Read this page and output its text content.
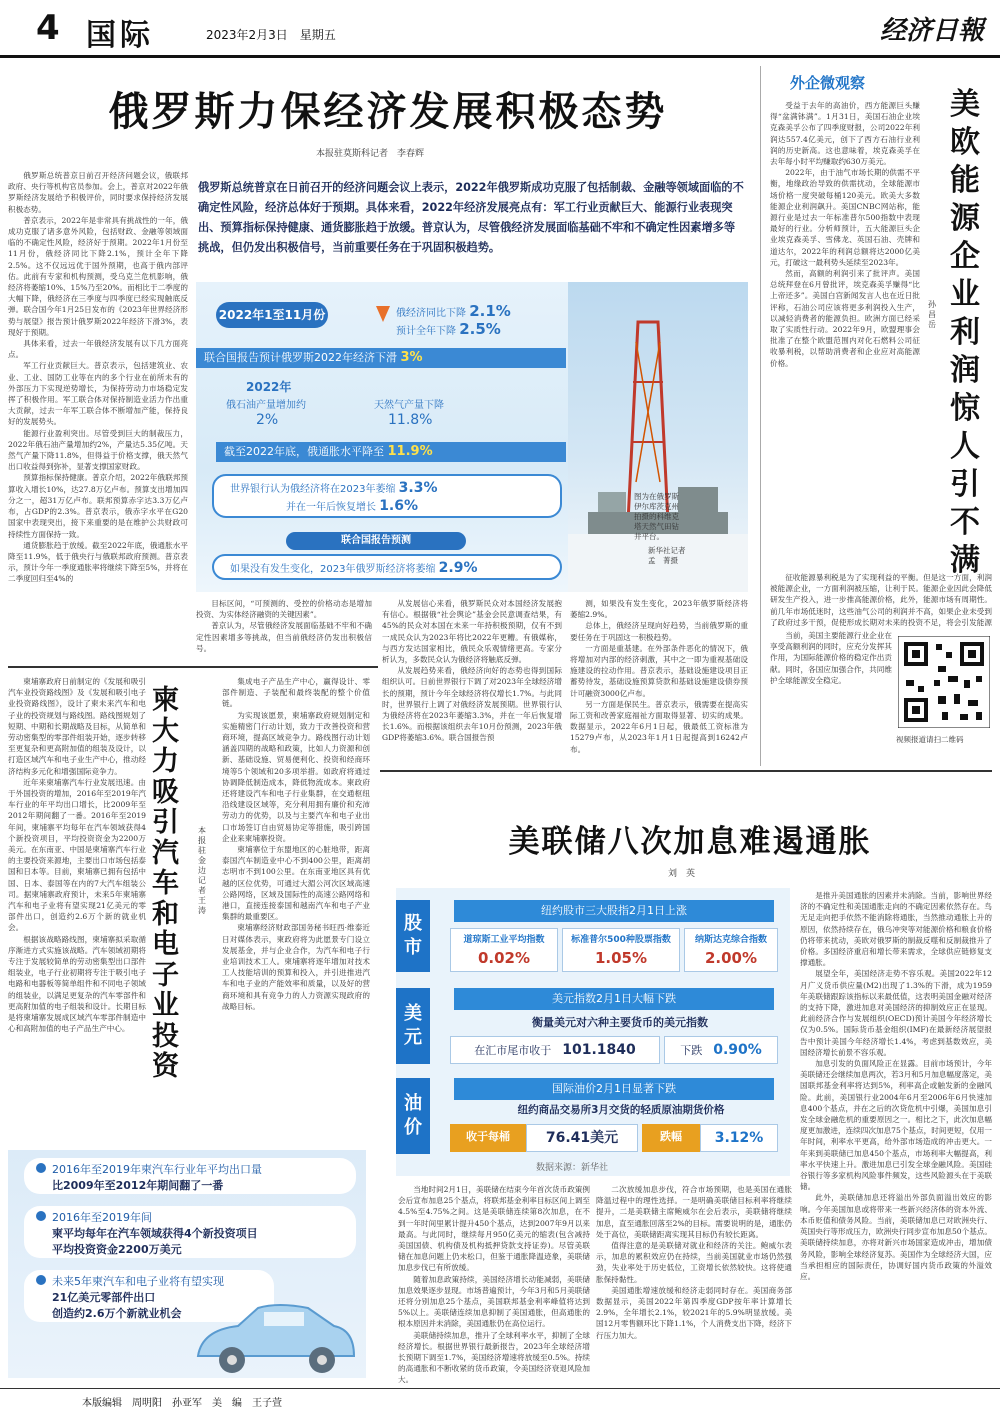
4 国际	2023年2月3日　星期五	经济日報
俄罗斯力保经济发展积极态势
本报驻莫斯科记者　李春辉
俄罗斯总统普京在日前召开的经济问题会议上表示，2022年俄罗斯成功克服了包括制裁、金融等领域面临的不确定性风险，经济总体好于预期。具体来看，2022年经济发展亮点有：军工行业贡献巨大、能源行业表现突出、预算指标保持健康、通货膨胀趋于放缓。普京认为，尽管俄经济发展面临基础不牢和不确定性因素增多等挑战，但仍发出积极信号，当前重要任务在于巩固积极趋势。

俄罗斯总统普京日前召开经济问题会议，俄联邦政府、央行等机构官员参加。会上，普京对2022年俄罗斯经济发展给予积极评价，同时要求保持经济发展积极态势。

普京表示，2022年是非常具有挑战性的一年，俄成功克服了诸多意外风险，包括财政、金融等领域面临的不确定性风险，经济好于预期。2022年1月份至11月份，俄经济同比下降2.1%，预计全年下降2.5%。这不仅远远优于国外预期，也高于俄内部评估。此前有专家和机构预测，受乌克兰危机影响，俄经济将萎缩10%、15%乃至20%。而相比于二季度的大幅下降，俄经济在三季度与四季度已经实现触底反弹。联合国今年1月25日发布的《2023年世界经济形势与展望》报告预计俄罗斯2022年经济下滑3%，表现好于预期。

具体来看，过去一年俄经济发展有以下几方面亮点。

军工行业贡献巨大。普京表示，包括建筑业、农业、工业、国防工业等在内的多个行业在前所未有的外部压力下实现逆势增长，为保持劳动力市场稳定发挥了积极作用。军工联合体对保持制造业活力作出重大贡献，过去一年军工联合体不断增加产能，保持良好的发展势头。

能源行业盈利突出。尽管受到巨大的制裁压力，2022年俄石油产量增加约2%，产量达5.35亿吨。天然气产量下降11.8%，但得益于价格支撑，俄天然气出口收益得到弥补，显著支撑国家财政。

预算指标保持健康。普京介绍，2022年俄联邦预算收入增长10%，达27.8万亿卢布。预算支出增加四分之一，超31万亿卢布。联邦预算赤字达3.3万亿卢布，占GDP的2.3%。普京表示，俄赤字水平在G20国家中表现突出，接下来重要的是在维护公共财政可持续性方面保持一致。

通货膨胀趋于放缓。截至2022年底，俄通胀水平降至11.9%，低于俄央行与俄联邦政府预测。普京表示，预计今年一季度通胀率将继续下降至5%，并将在二季度回归至4%的

2022年1至11月份	俄经济同比下降 2.1%
预计全年下降 2.5%
联合国报告预计俄罗斯2022年经济下滑 3%
2022年
俄石油产量增加约
2%
天然气产量下降
11.8%
截至2022年底，俄通胀水平降至 11.9%
世界银行认为俄经济将在2023年萎缩 3.3%
并在一年后恢复增长 1.6%
联合国报告预测
如果没有发生变化，2023年俄罗斯经济将萎缩 2.9%
图为在俄罗斯伊尔库茨克州拍摄的科维克塔天然气田钻井平台。
新华社记者　孟　菁摄

目标区间，“可预测的、受控的价格动态是增加投资、为实体经济融资的关键因素”。

普京认为，尽管俄经济发展面临基础不牢和不确定性因素增多等挑战，但当前俄经济仍发出积极信号。

从发展信心来看，俄罗斯民众对本国经济发展抱有信心。根据俄“社会舆论”基金会民意调查结果，有45%的民众对本国在未来一年持积极预期，仅有不到一成民众认为2023年将比2022年更糟。有俄媒称，与西方发达国家相比，俄民众乐观情绪更高。专家分析认为，多数民众认为俄经济将触底反弹。

从发展趋势来看，俄经济向好的态势也得到国际组织认可。日前世界银行下调了对2023年全球经济增长的预期，预计今年全球经济将仅增长1.7%。与此同时，世界银行上调了对俄经济发展预期。世界银行认为俄经济将在2023年萎缩3.3%，并在一年后恢复增长1.6%。而根据该组织去年10月份预测，2023年俄GDP将萎缩3.6%。联合国报告预

测，如果没有发生变化，2023年俄罗斯经济将萎缩2.9%。

总体上，俄经济呈现向好趋势，当前俄罗斯的重要任务在于巩固这一积极趋势。

一方面是重基建。在外部条件恶化的情况下，俄将增加对内部的经济刺激，其中之一即为重视基础设施建设的拉动作用。普京表示，基础设施建设项目正蓄势待发，基础设施预算贷款和基础设施建设债券预计可融资3000亿卢布。

另一方面是保民生。普京表示，俄需要在提高实际工资和改善家庭福祉方面取得显著、切实的成果。数据显示，2022年6月1日起，俄最低工资标准为15279卢布，从2023年1月1日起提高到16242卢布。

外企微观察
美欧能源企业利润惊人引不满
孙昌岳

受益于去年的高油价，西方能源巨头赚得“盆满钵满”。1月31日，美国石油企业埃克森美孚公布了四季度财报，公司2022年利润达557.4亿美元，创下了西方石油行业利润的历史新高。这也意味着，埃克森美孚在去年每小时平均赚取约630万美元。

2022年，由于油气市场长期的供需不平衡，地缘政治导致的供需扰动，全球能源市场价格一度突破每桶120美元。欧美大多数能源企业利润飙升。美国CNBC网站称，能源行业是过去一年标准普尔500指数中表现最好的行业。分析师预计，五大能源巨头企业埃克森美孚、雪佛龙、英国石油、壳牌和道达尔，2022年的利润总额将达2000亿美元，打破这一最利势头延续至2023年。

然而，高额的利润引来了批评声。美国总统拜登在6月曾批评，埃克森美孚赚得“比上帝还多”。美国白宫新闻发言人也在近日批评称，石油公司应该将更多利润投入生产，以减轻消费者的能源负担。欧洲方面已经采取了实质性行动。2022年9月，欧盟理事会批准了在整个欧盟范围内对化石燃料公司征收暴利税，以帮助消费者和企业应对高能源价格。

征收能源暴利税是为了实现利益的平衡。但是这一方面，利润被能源企业，一方面利润被压缩，让利于民。能源企业因此会降低研发生产投入，进一步推高能源价格，此外，能源市场有周期性。前几年市场低迷时，这些油气公司的利润并不高，如果企业未受到了政府过多干预，促使形成长期对未来的投资不足，将会引发能源

当前，美国主要能源行业企业在享受高额利润的同时，应充分发挥其作用，为国际能源价格的稳定作出贡献。同时，各国应加强合作，共同维护全球能源安全稳定。

视频报道请扫二维码
柬大力吸引汽车和电子业投资
本报驻金边记者　王　涛

柬埔寨政府日前制定的《发展和吸引汽车业投资路线图》及《发展和吸引电子业投资路线图》，设计了柬未来汽车和电子业的投资规划与路线图。路线图规划了短期、中期和长期战略及目标，从简单和劳动密集型的零部件组装开始，逐步转移至更复杂和更高附加值的组装及设计，以打造区域汽车和电子业生产中心，推动经济结构多元化和增强国际竞争力。

近年来柬埔寨汽车行业发展迅速。由于外国投资的增加，2016年至2019年汽车行业的年平均出口增长，比2009年至2012年期间翻了一番。2016年至2019年间，柬埔寨平均每年在汽车领域获得4个新投资项目，平均投资资金为2200万美元。在东南亚、中国是柬埔寨汽车行业的主要投资来源地，主要出口市场包括泰国和日本等。目前，柬埔寨已拥有包括中国、日本、泰国等在内的7大汽车组装公司。据柬埔寨政府预计，未来5年柬埔寨汽车和电子业将有望实现21亿美元的零部件出口，创造约2.6万个新的就业机会。

根据该战略路线图，柬埔寨拟采取循序渐进方式实施该战略。汽车领域初期将专注于发展较简单的劳动密集型出口部件组装业，电子行业初期将专注于吸引电子电路和电器板等简单组件和不同电子领域的组装业，以满足更复杂的汽车零部件和更高附加值的电子组装和设计。长期目标是将柬埔寨发展成区域汽车零部件制造中心和高附加值的电子产品生产中心。

集成电子产品生产中心，赢得设计、零部件制造、子装配和最终装配的整个价值链。

为实现该愿景，柬埔寨政府规划制定和实施精密门行动计划，致力于改善投资和营商环境，提高区域竞争力。路线图行动计划涵盖四期的战略和政策，比如人力资源和创新、基础设施、贸易便利化、投资和经商环境等5个领域和20多项举措。如政府将通过协调降低制造成本，降低物流成本。柬政府还将建设汽车和电子行业集群，在交通枢纽沿线建设区域等，充分利用拥有廉价和充沛劳动力的优势，以及与主要汽车和电子业出口市场签订自由贸易协定等措施，吸引跨国企业来柬埔寨投资。

柬埔寨位于东盟地区的心脏地带，距离泰国汽车制造业中心不到400公里，距离胡志明市不到100公里。在东南亚地区具有优越的区位优势，可通过大湄公河次区域高速公路网络，区域及国际性的高速公路网络和港口，直接连接泰国和越南汽车和电子产业集群的最重要区。

柬埔寨经济财政部国务秘书旺西·维泰近日对媒体表示，柬政府将为此愿景专门设立发展基金，并与企业合作，为汽车和电子行业培训技术工人。柬埔寨将逐年增加对技术工人技能培训的预算和投入，并引进推进汽车和电子业的产能效率和质量，以及好的营商环境和具有竞争力的人力资源实现政府的战略目标。

2016年至2019年柬汽车行业年平均出口量
比2009年至2012年期间翻了一番
2016年至2019年间
柬平均每年在汽车领域获得4个新投资项目
平均投资资金2200万美元
未来5年柬汽车和电子业将有望实现
21亿美元零部件出口
创造约2.6万个新就业机会
美联储八次加息难遏通胀
刘　英
股市
纽约股市三大股指2月1日上涨
道琼斯工业平均指数
0.02%
标准普尔500种股票指数
1.05%
纳斯达克综合指数
2.00%
美元
美元指数2月1日大幅下跌
衡量美元对六种主要货币的美元指数
在汇市尾市收于　 101.1840	下跌　 0.90%
油价
国际油价2月1日显著下跌
纽约商品交易所3月交货的轻质原油期货价格
收于每桶	76.41美元	跌幅	3.12%
数据来源：新华社

是推升美国通胀的因素并未消除。当前，影响世界经济的不确定性和美国通胀走向的不确定因素依然存在。鸟无足走向把手依然不能消除将通胀，当然推动通胀上升的原因，依然持续存在，俄乌冲突等对能源价格和粮食价格仍将带来扰动，美欧对俄罗斯的制裁反噬和反制裁推升了价格。多国经济重启和增长带来需求，全球供应链修复支撑通胀。

展望全年，美国经济走势不容乐观。美国2022年12月广义货币供应量(M2)出现了1.3%的下滑，成为1959年美联储跟踪该指标以来最低值，这表明美国金融对经济的支持下降，激进加息对美国经济的抑制效应正在显现。此前经济合作与发展组织(OECD)预计美国今年经济增长仅为0.5%。国际货币基金组织(IMF)在最新经济展望报告中预计美国今年经济增长1.4%，考虑到基数效应，美国经济增长前景不容乐观。

加息引发的负面风险正在显露。目前市场预计，今年美联储还会继续加息两次，若3月和5月加息幅度落定，美国联邦基金利率将达到5%，利率高企或触发新的金融风险。此前，美国银行业2004年6月至2006年6月快速加息400个基点，并在之后的次贷危机中引爆，美国加息引发全球金融危机的重要原因之一。相比之下，此次加息幅度更加激进，连续四次加息75个基点，时间更短，仅用一年时间，利率水平更高，给外部市场造成的冲击更大。一年来到美联储已加息450个基点，市场利率大幅提高，利率水平快速上升。激进加息已引发全球金融风险。美国硅谷银行等多家机构风险事件频发，这些风险源头在于美联储。

此外，美联储加息还将溢出外部负面溢出效应的影响。今年美国加息或将带来一些新兴经济体的资本外流、本币贬值和债务风险。当前，美联储加息已对欧洲央行、英国央行等形成压力，欧洲央行同步宣布加息50个基点。美联储持续加息，亦将对新兴市场国家造成冲击，增加债务风险，影响全球经济复苏。美国作为全球经济大国，应当承担相应的国际责任，协调好国内货币政策的外溢效应。

当地时间2月1日，美联储在结束今年首次货币政策例会后宣布加息25个基点，将联邦基金利率目标区间上调至4.5%至4.75%之间。这是美联储连续第8次加息，在不到一年时间里累计提升450个基点，达到2007年9月以来最高。与此同时，继续每月950亿美元的缩表(包含减持美国国债、机构债及机构抵押贷款支持证券)。尽管美联储在加息问题上仍未松口，但鉴于通胀降温迹象，美联储加息步伐已有所放缓。

随着加息政策持续，美国经济增长动能减弱，美联储加息效果逐步显现。市场普遍预计，今年3月和5月美联储还将分别加息25个基点，美国联邦基金利率峰值将达到5%以上。美联储连续加息抑制了美国通胀，但高通胀的根本原因并未消除，美国通胀仍在高位运行。

美联储持续加息，推升了全球利率水平，抑制了全球经济增长。根据世界银行最新报告，2023年全球经济增长预期下调至1.7%，美国经济增速将放缓至0.5%。持续的高通胀和不断收紧的货币政策，令美国经济衰退风险加大。

二次放缓加息步伐，符合市场预期，也是美国在通胀降温过程中的理性选择。一是明确美联储目标利率将继续提升，二是美联储主席鲍威尔在会后表示，美联储将继续加息，直至通胀回落至2%的目标。需要说明的是，通胀仍处于高位，美联储距离实现其目标仍有较长距离。

值得注意的是美联储对就业和经济的关注。鲍威尔表示，加息的累积效应仍在持续，当前美国就业市场仍然强劲，失业率处于历史低位，工资增长依然较快。这将使通胀保持黏性。

美国通胀增速放缓和经济走弱同时存在。美国商务部数据显示，美国2022年第四季度GDP按年率计算增长2.9%，全年增长2.1%，较2021年的5.9%明显放缓。美国12月零售额环比下降1.1%，个人消费支出下降，经济下行压力加大。

本版编辑　周明阳　孙亚军　美　编　王子萱
